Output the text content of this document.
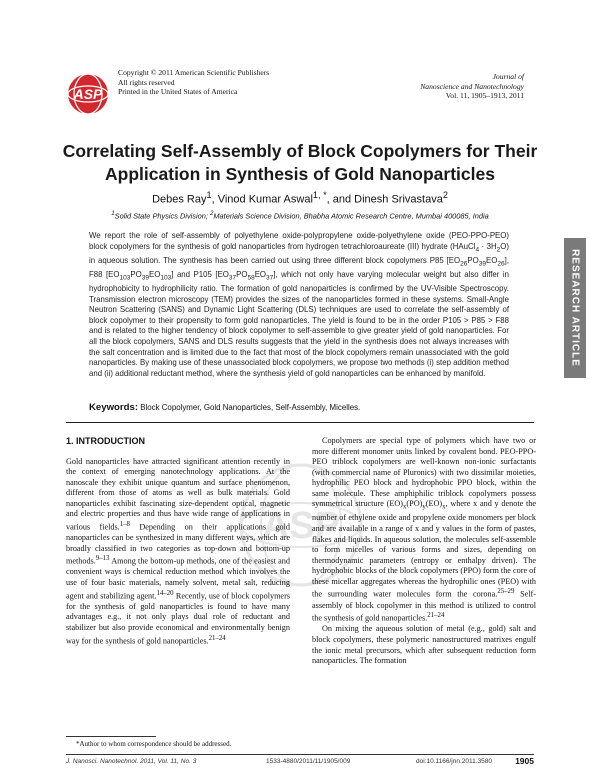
ASP
Copyright © 2011 American Scientific Publishers
All rights reserved
Printed in the United States of America
Journal of
Nanoscience and Nanotechnology
Vol. 11, 1905–1913, 2011
Correlating Self-Assembly of Block Copolymers for Their Application in Synthesis of Gold Nanoparticles
Debes Ray$^1$, Vinod Kumar Aswal$^{1, *}$, and Dinesh Srivastava$^2$
$^1$Solid State Physics Division; $^2$Materials Science Division, Bhabha Atomic Research Centre, Mumbai 400085, India
We report the role of self-assembly of polyethylene oxide-polypropylene oxide-polyethylene oxide (PEO-PPO-PEO) block copolymers for the synthesis of gold nanoparticles from hydrogen tetrachloroaureate (III) hydrate (HAuCl$_4$ · $3H_2O$) in aqueous solution. The synthesis has been carried out using three different block copolymers P85 $[EO_{26}PO_{39}EO_{26}]$, F88 $[EO_{103}PO_{39}EO_{103}]$ and P105 $[EO_{37}PO_{58}EO_{37}]$, which not only have varying molecular weight but also differ in hydrophobicity to hydrophilicity ratio. The formation of gold nanoparticles is confirmed by the UV-Visible Spectroscopy. Transmission electron microscopy (TEM) provides the sizes of the nanoparticles formed in these systems. Small-Angle Neutron Scattering (SANS) and Dynamic Light Scattering (DLS) techniques are used to correlate the self-assembly of block copolymer to their propensity to form gold nanoparticles. The yield is found to be in the order P105 > P85 > F88 and is related to the higher tendency of block copolymer to self-assemble to give greater yield of gold nanoparticles. For all the block copolymers, SANS and DLS results suggests that the yield in the synthesis does not always increases with the salt concentration and is limited due to the fact that most of the block copolymers remain unassociated with the gold nanoparticles. By making use of these unassociated block copolymers, we propose two methods (i) step addition method and (ii) additional reductant method, where the synthesis yield of gold nanoparticles can be enhanced by manifold.
Keywords: Block Copolymer, Gold Nanoparticles, Self-Assembly, Micelles.
RESEARCH ARTICLE
ASP
1. INTRODUCTION

Gold nanoparticles have attracted significant attention recently in the context of emerging nanotechnology applications. At the nanoscale they exhibit unique quantum and surface phenomenon, different from those of atoms as well as bulk materials. Gold nanoparticles exhibit fascinating size-dependent optical, magnetic and electric properties and thus have wide range of applications in various fields.$^{1-8}$ Depending on their applications gold nanoparticles can be synthesized in many different ways, which are broadly classified in two categories as top-down and bottom-up methods.$^{9-13}$ Among the bottom-up methods, one of the easiest and convenient ways is chemical reduction method which involves the use of four basic materials, namely solvent, metal salt, reducing agent and stabilizing agent.$^{14-20}$ Recently, use of block copolymers for the synthesis of gold nanoparticles is found to have many advantages e.g., it not only plays dual role of reductant and stabilizer but also provide economical and environmentally benign way for the synthesis of gold nanoparticles.$^{21-24}$

Copolymers are special type of polymers which have two or more different monomer units linked by covalent bond. PEO-PPO-PEO triblock copolymers are well-known non-ionic surfactants (with commercial name of Pluronics) with two dissimilar moieties, hydrophilic PEO block and hydrophobic PPO block, within the same molecule. These amphiphilic triblock copolymers possess symmetrical structure $(EO)_x(PO)_y(EO)_x$, where x and y denote the number of ethylene oxide and propylene oxide monomers per block and are available in a range of x and y values in the form of pastes, flakes and liquids. In aqueous solution, the molecules self-assemble to form micelles of various forms and sizes, depending on thermodynamic parameters (entropy or enthalpy driven). The hydrophobic blocks of the block copolymers (PPO) form the core of these micellar aggregates whereas the hydrophilic ones (PEO) with the surrounding water molecules form the corona.$^{25-29}$ Self-assembly of block copolymer in this method is utilized to control the synthesis of gold nanoparticles.$^{21-24}$

On mixing the aqueous solution of metal (e.g., gold) salt and block copolymers, these polymeric nanostructured matrixes engulf the ionic metal precursors, which after subsequent reduction form nanoparticles. The formation

*Author to whom correspondence should be addressed.
J. Nanosci. Nanotechnol. 2011, Vol. 11, No. 3	1533-4880/2011/11/1905/009	doi:10.1166/jnn.2011.3580	1905
